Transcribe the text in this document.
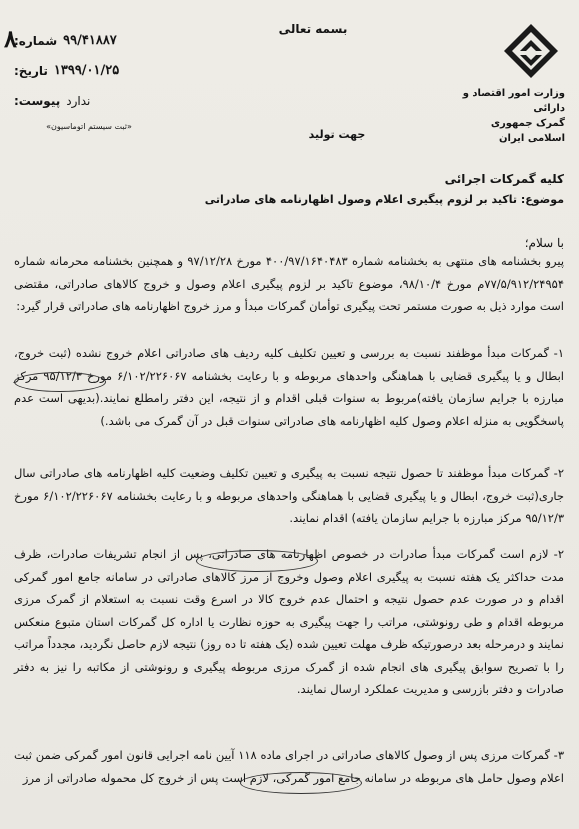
وزارت امور اقتصاد و دارائی
گمرک جمهوری اسلامی ایران
بسمه تعالی
۸
شماره: ۹۹/۴۱۸۸۷
تاریخ: ۱۳۹۹/۰۱/۲۵
پیوست: ندارد
«ثبت سیستم اتوماسیون»
جهت تولید
کلیه گمرکات اجرائی
موضوع: تاکید بر لزوم پیگیری اعلام وصول اظهارنامه های صادراتی
با سلام؛
پیرو بخشنامه های منتهی به بخشنامه شماره ۴۰۰/۹۷/۱۶۴۰۴۸۳ مورخ ۹۷/۱۲/۲۸ و همچنین بخشنامه محرمانه شماره ۷۷/۵/۹۱۲/۲۴۹۵۴م مورخ ۹۸/۱۰/۴، موضوع تاکید بر لزوم پیگیری اعلام وصول و خروج کالاهای صادراتی، مقتضی است موارد ذیل به صورت مستمر تحت پیگیری توأمان گمرکات مبدأ و مرز خروج اظهارنامه های صادراتی قرار گیرد:
۱- گمرکات مبدأ موظفند نسبت به بررسی و تعیین تکلیف کلیه ردیف های صادراتی اعلام خروج نشده (ثبت خروج، ابطال و یا پیگیری قضایی با هماهنگی واحدهای مربوطه و با رعایت بخشنامه ۶/۱۰۲/۲۲۶۰۶۷ مورخ ۹۵/۱۲/۳ مرکز مبارزه با جرایم سازمان یافته)مربوط به سنوات قبلی اقدام و از نتیجه، این دفتر رامطلع نمایند.(بدیهی است عدم پاسخگویی به منزله اعلام وصول کلیه اظهارنامه های صادراتی سنوات قبل در آن گمرک می باشد.)
۲- گمرکات مبدأ موظفند تا حصول نتیجه نسبت به پیگیری و تعیین تکلیف وضعیت کلیه اظهارنامه های صادراتی سال جاری(ثبت خروج، ابطال و یا پیگیری قضایی با هماهنگی واحدهای مربوطه و با رعایت بخشنامه ۶/۱۰۲/۲۲۶۰۶۷ مورخ ۹۵/۱۲/۳ مرکز مبارزه با جرایم سازمان یافته) اقدام نمایند.
۲- لازم است گمرکات مبدأ صادرات در خصوص اظهارنامه های صادراتی، پس از انجام تشریفات صادرات، ظرف مدت حداکثر یک هفته نسبت به پیگیری اعلام وصول وخروج از مرز کالاهای صادراتی در سامانه جامع امور گمرکی اقدام و در صورت عدم حصول نتیجه و احتمال عدم خروج کالا در اسرع وقت نسبت به استعلام از گمرک مرزی مربوطه اقدام و طی رونوشتی، مراتب را جهت پیگیری به حوزه نظارت یا اداره کل گمرکات استان متبوع منعکس نمایند و درمرحله بعد درصورتیکه ظرف مهلت تعیین شده (یک هفته تا ده روز) نتیجه لازم حاصل نگردید، مجدداً مراتب را با تصریح سوابق پیگیری های انجام شده از گمرک مرزی مربوطه پیگیری و رونوشتی از مکاتبه را نیز به دفتر صادرات و دفتر بازرسی و مدیریت عملکرد ارسال نمایند.
۳- گمرکات مرزی پس از وصول کالاهای صادراتی در اجرای ماده ۱۱۸ آیین نامه اجرایی قانون امور گمرکی ضمن ثبت اعلام وصول حامل های مربوطه در سامانه جامع امور گمرکی، لازم است پس از خروج کل محموله صادراتی از مرز
